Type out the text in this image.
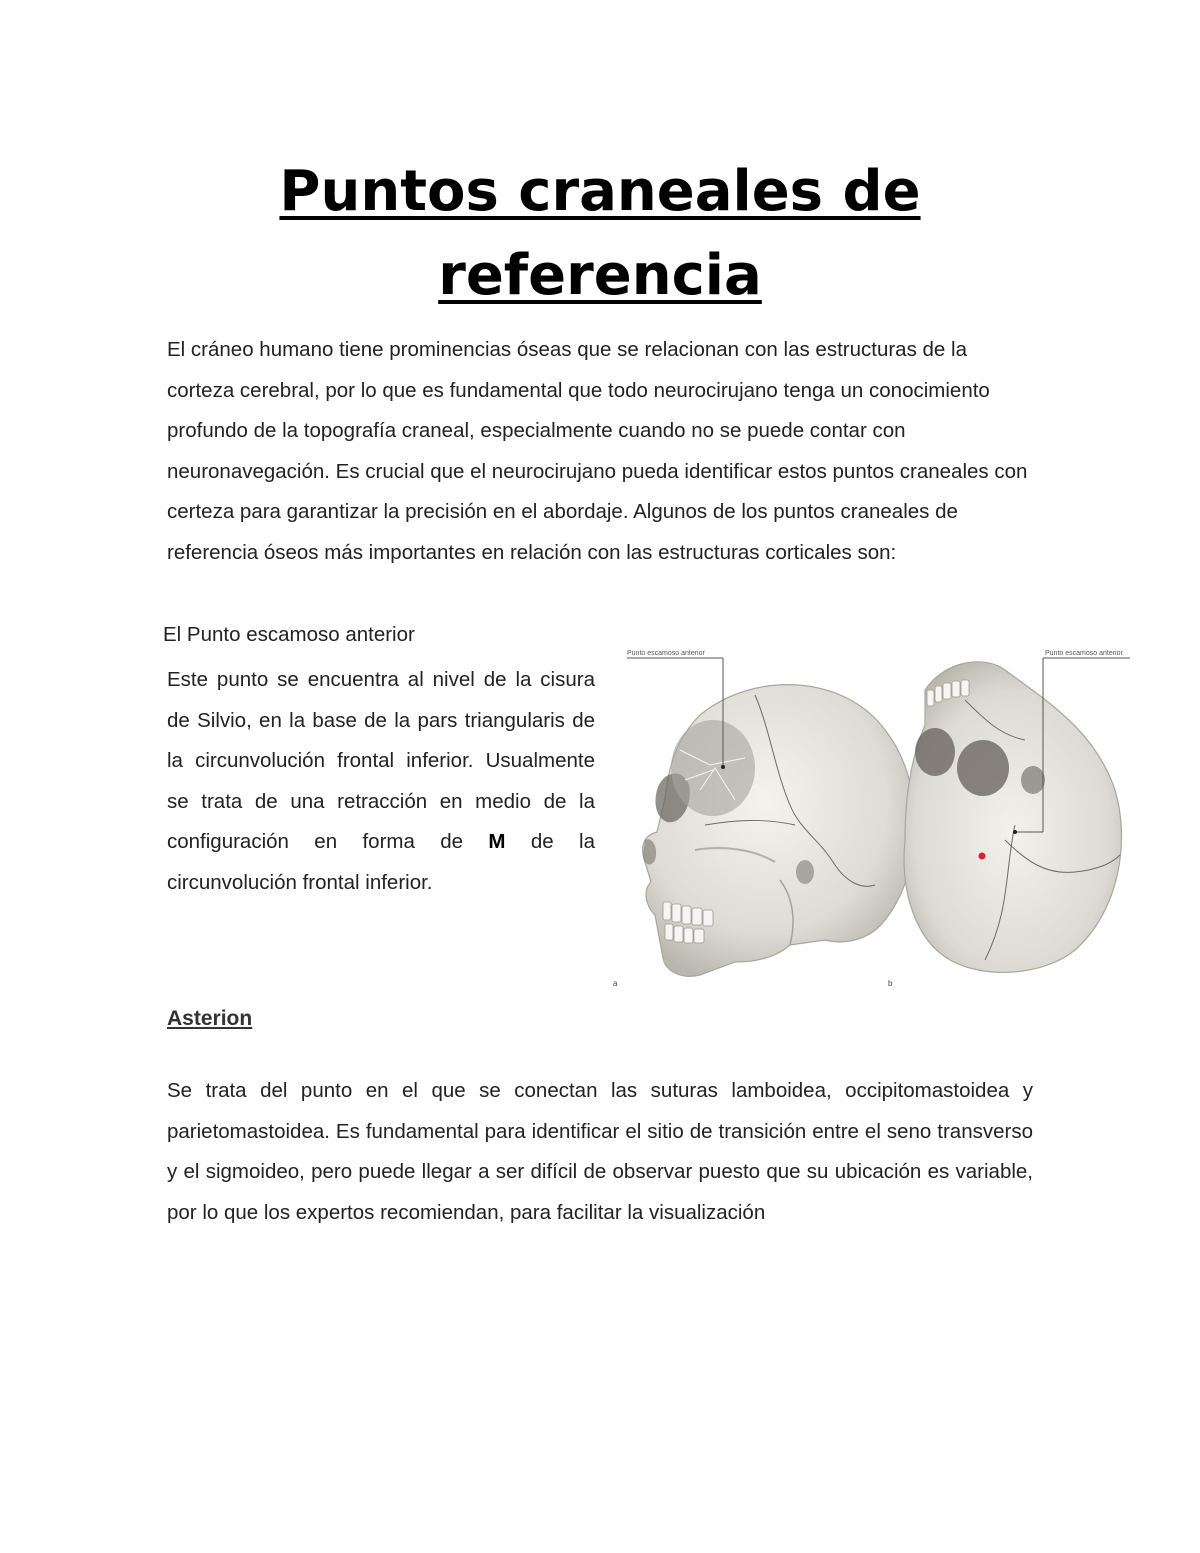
Puntos craneales de referencia

El cráneo humano tiene prominencias óseas que se relacionan con las estructuras de la corteza cerebral, por lo que es fundamental que todo neurocirujano tenga un conocimiento profundo de la topografía craneal, especialmente cuando no se puede contar con neuronavegación. Es crucial que el neurocirujano pueda identificar estos puntos craneales con certeza para garantizar la precisión en el abordaje. Algunos de los puntos craneales de referencia óseos más importantes en relación con las estructuras corticales son:

El Punto escamoso anterior

Este punto se encuentra al nivel de la cisura de Silvio, en la base de la pars triangularis de la circunvolución frontal inferior. Usualmente se trata de una retracción en medio de la configuración en forma de M de la circunvolución frontal inferior.

Punto escamoso anterior
a
Punto escamoso anterior
b

Asterion

Se trata del punto en el que se conectan las suturas lamboidea, occipitomastoidea y parietomastoidea. Es fundamental para identificar el sitio de transición entre el seno transverso y el sigmoideo, pero puede llegar a ser difícil de observar puesto que su ubicación es variable, por lo que los expertos recomiendan, para facilitar la visualización
